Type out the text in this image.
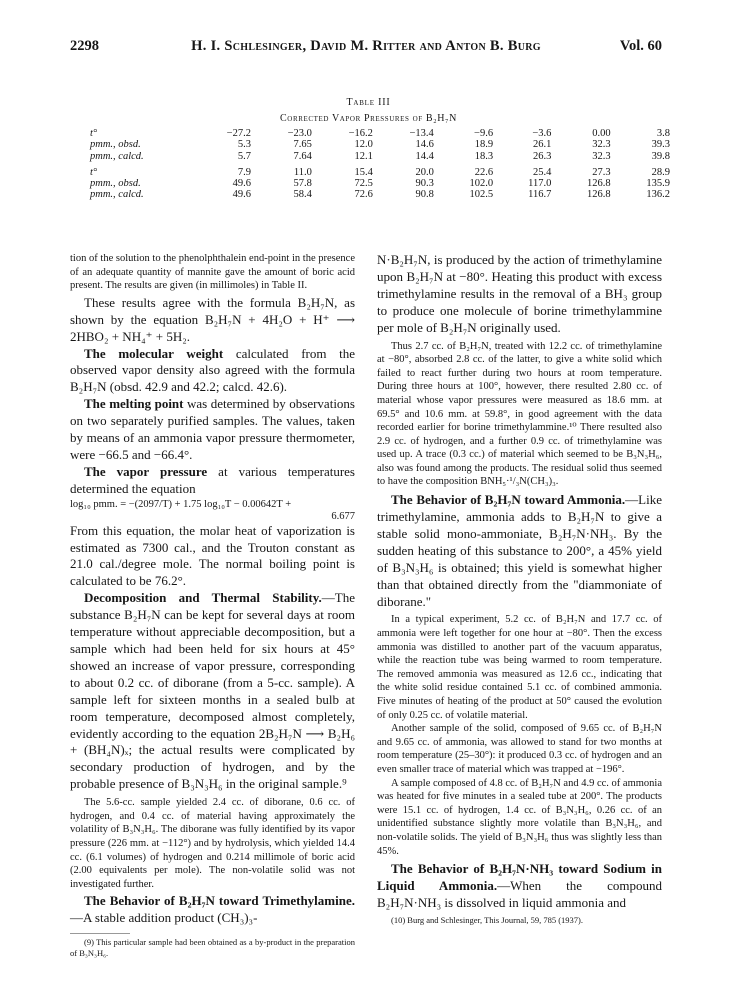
2298	H. I. Schlesinger, David M. Ritter and Anton B. Burg	Vol. 60
Table III
Corrected Vapor Pressures of B₂H₇N
t°	−27.2	−23.0	−16.2	−13.4	−9.6	−3.6	0.00	3.8
pmm., obsd.	5.3	7.65	12.0	14.6	18.9	26.1	32.3	39.3
pmm., calcd.	5.7	7.64	12.1	14.4	18.3	26.3	32.3	39.8
t°	7.9	11.0	15.4	20.0	22.6	25.4	27.3	28.9
pmm., obsd.	49.6	57.8	72.5	90.3	102.0	117.0	126.8	135.9
pmm., calcd.	49.6	58.4	72.6	90.8	102.5	116.7	126.8	136.2

tion of the solution to the phenolphthalein end-point in the presence of an adequate quantity of mannite gave the amount of boric acid present. The results are given (in millimoles) in Table II.

These results agree with the formula B₂H₇N, as shown by the equation B₂H₇N + 4H₂O + H⁺ ⟶ 2HBO₂ + NH₄⁺ + 5H₂.

The molecular weight calculated from the observed vapor density also agreed with the formula B₂H₇N (obsd. 42.9 and 42.2; calcd. 42.6).

The melting point was determined by observations on two separately purified samples. The values, taken by means of an ammonia vapor pressure thermometer, were −66.5 and −66.4°.

The vapor pressure at various temperatures determined the equation

log₁₀ pmm. = −(2097/T) + 1.75 log₁₀T − 0.00642T +

6.677

From this equation, the molar heat of vaporization is estimated as 7300 cal., and the Trouton constant as 21.0 cal./degree mole. The normal boiling point is calculated to be 76.2°.

Decomposition and Thermal Stability.—The substance B₂H₇N can be kept for several days at room temperature without appreciable decomposition, but a sample which had been held for six hours at 45° showed an increase of vapor pressure, corresponding to about 0.2 cc. of diborane (from a 5-cc. sample). A sample left for sixteen months in a sealed bulb at room temperature, decomposed almost completely, evidently according to the equation 2B₂H₇N ⟶ B₂H₆ + (BH₄N)ₓ; the actual results were complicated by secondary production of hydrogen, and by the probable presence of B₃N₃H₆ in the original sample.⁹

The 5.6-cc. sample yielded 2.4 cc. of diborane, 0.6 cc. of hydrogen, and 0.4 cc. of material having approximately the volatility of B₃N₃H₆. The diborane was fully identified by its vapor pressure (226 mm. at −112°) and by hydrolysis, which yielded 14.4 cc. (6.1 volumes) of hydrogen and 0.214 millimole of boric acid (2.00 equivalents per mole). The non-volatile solid was not investigated further.

The Behavior of B₂H₇N toward Trimethylamine.—A stable addition product (CH₃)₃-

(9) This particular sample had been obtained as a by-product in the preparation of B₃N₃H₆.

N·B₂H₇N, is produced by the action of trimethylamine upon B₂H₇N at −80°. Heating this product with excess trimethylamine results in the removal of a BH₃ group to produce one molecule of borine trimethylammine per mole of B₂H₇N originally used.

Thus 2.7 cc. of B₂H₇N, treated with 12.2 cc. of trimethylamine at −80°, absorbed 2.8 cc. of the latter, to give a white solid which failed to react further during two hours at room temperature. During three hours at 100°, however, there resulted 2.80 cc. of material whose vapor pressures were measured as 18.6 mm. at 69.5° and 10.6 mm. at 59.8°, in good agreement with the data recorded earlier for borine trimethylammine.¹⁰ There resulted also 2.9 cc. of hydrogen, and a further 0.9 cc. of trimethylamine was used up. A trace (0.3 cc.) of material which seemed to be B₃N₃H₆, also was found among the products. The residual solid thus seemed to have the composition BNH₅·¹/₃N(CH₃)₃.

The Behavior of B₂H₇N toward Ammonia.—Like trimethylamine, ammonia adds to B₂H₇N to give a stable solid mono-ammoniate, B₂H₇N·NH₃. By the sudden heating of this substance to 200°, a 45% yield of B₃N₃H₆ is obtained; this yield is somewhat higher than that obtained directly from the "diammoniate of diborane."

In a typical experiment, 5.2 cc. of B₂H₇N and 17.7 cc. of ammonia were left together for one hour at −80°. Then the excess ammonia was distilled to another part of the vacuum apparatus, while the reaction tube was being warmed to room temperature. The removed ammonia was measured as 12.6 cc., indicating that the white solid residue contained 5.1 cc. of combined ammonia. Five minutes of heating of the product at 50° caused the evolution of only 0.25 cc. of volatile material.

Another sample of the solid, composed of 9.65 cc. of B₂H₇N and 9.65 cc. of ammonia, was allowed to stand for two months at room temperature (25–30°): it produced 0.3 cc. of hydrogen and an even smaller trace of material which was trapped at −196°.

A sample composed of 4.8 cc. of B₂H₇N and 4.9 cc. of ammonia was heated for five minutes in a sealed tube at 200°. The products were 15.1 cc. of hydrogen, 1.4 cc. of B₃N₃H₆, 0.26 cc. of an unidentified substance slightly more volatile than B₃N₃H₆, and non-volatile solids. The yield of B₃N₃H₆ thus was slightly less than 45%.

The Behavior of B₂H₇N·NH₃ toward Sodium in Liquid Ammonia.—When the compound B₂H₇N·NH₃ is dissolved in liquid ammonia and

(10) Burg and Schlesinger, This Journal, 59, 785 (1937).
